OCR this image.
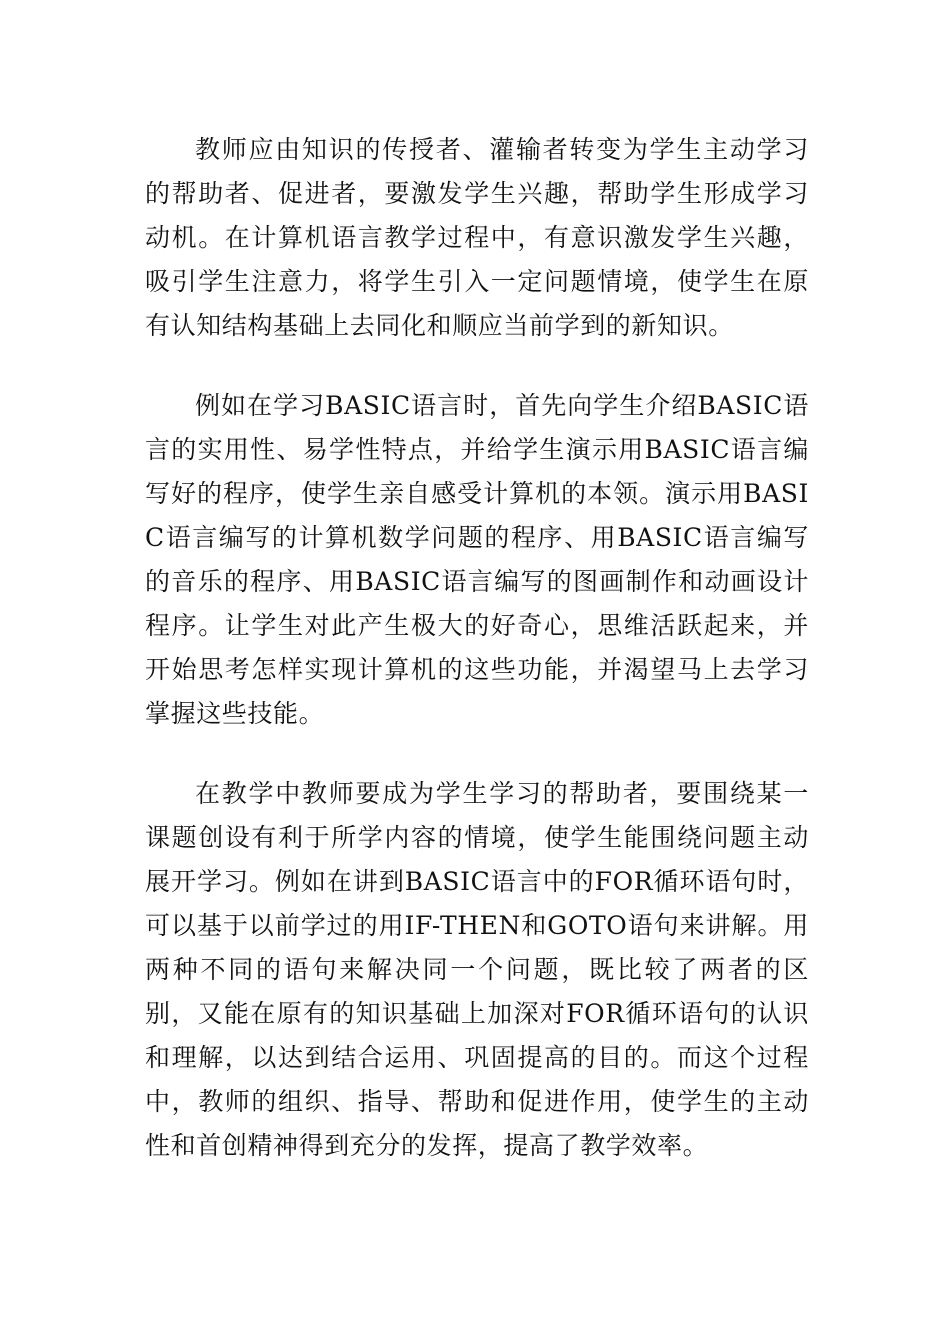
教师应由知识的传授者、灌输者转变为学生主动学习的帮助者、促进者，要激发学生兴趣，帮助学生形成学习动机。在计算机语言教学过程中，有意识激发学生兴趣，吸引学生注意力，将学生引入一定问题情境，使学生在原有认知结构基础上去同化和顺应当前学到的新知识。

例如在学习BASIC语言时，首先向学生介绍BASIC语言的实用性、易学性特点，并给学生演示用BASIC语言编写好的程序，使学生亲自感受计算机的本领。演示用BASIC语言编写的计算机数学问题的程序、用BASIC语言编写的音乐的程序、用BASIC语言编写的图画制作和动画设计程序。让学生对此产生极大的好奇心，思维活跃起来，并开始思考怎样实现计算机的这些功能，并渴望马上去学习掌握这些技能。

在教学中教师要成为学生学习的帮助者，要围绕某一课题创设有利于所学内容的情境，使学生能围绕问题主动展开学习。例如在讲到BASIC语言中的FOR循环语句时，可以基于以前学过的用IF-THEN和GOTO语句来讲解。用两种不同的语句来解决同一个问题，既比较了两者的区别，又能在原有的知识基础上加深对FOR循环语句的认识和理解，以达到结合运用、巩固提高的目的。而这个过程中，教师的组织、指导、帮助和促进作用，使学生的主动性和首创精神得到充分的发挥，提高了教学效率。
